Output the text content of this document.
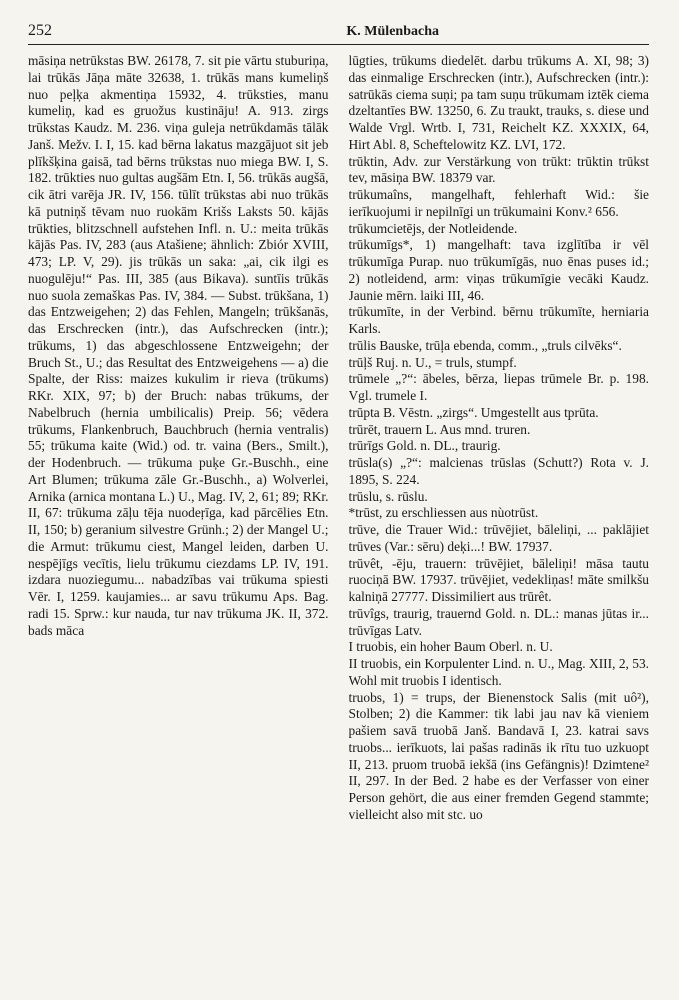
252	K. Mülenbacha

māsiņa netrūkstas BW. 26178, 7. sit pie vārtu stuburiņa, lai trūkās Jāņa māte 32638, 1. trūkās mans kumeliņš nuo peļķa akmentiņa 15932, 4. trūksties, manu kumeliņ, kad es gruožus kustināju! A. 913. zirgs trūkstas Kaudz. M. 236. viņa guleja netrūkdamās tālāk Janš. Mežv. I. I, 15. kad bērna lakatus mazgājuot sit jeb plīkšķina gaisā, tad bērns trūkstas nuo miega BW. I, S. 182. trūkties nuo gultas augšām Etn. I, 56. trūkās augšā, cik ātri varēja JR. IV, 156. tūlīt trūkstas abi nuo trūkās kā putniņš tēvam nuo ruokām Krišs Laksts 50. kājās trūkties, blitzschnell aufstehen Infl. n. U.: meita trūkās kājās Pas. IV, 283 (aus Atašiene; ähnlich: Zbiór XVIII, 473; LP. V, 29). jis trūkās un saka: „ai, cik ilgi es nuogulēju!“ Pas. III, 385 (aus Bikava). suntīis trūkās nuo suola zemaškas Pas. IV, 384. — Subst. trūkšana, 1) das Entzweigehen; 2) das Fehlen, Mangeln; trūkšanās, das Erschrecken (intr.), das Aufschrecken (intr.); trūkums, 1) das abgeschlossene Entzweigehn; der Bruch St., U.; das Resultat des Entzweigehens — a) die Spalte, der Riss: maizes kukulim ir rieva (trūkums) RKr. XIX, 97; b) der Bruch: nabas trūkums, der Nabelbruch (hernia umbilicalis) Preip. 56; vēdera trūkums, Flankenbruch, Bauchbruch (hernia ventralis) 55; trūkuma kaite (Wid.) od. tr. vaina (Bers., Smilt.), der Hodenbruch. — trūkuma puķe Gr.-Buschh., eine Art Blumen; trūkuma zāle Gr.-Buschh., a) Wolverlei, Arnika (arnica montana L.) U., Mag. IV, 2, 61; 89; RKr. II, 67: trūkuma zāļu tēja nuodeŗīga, kad pārcēlies Etn. II, 150; b) geranium silvestre Grünh.; 2) der Mangel U.; die Armut: trūkumu ciest, Mangel leiden, darben U. nespējīgs vecītis, lielu trūkumu ciezdams LP. IV, 191. izdara nuoziegumu... nabadzības vai trūkuma spiesti Vēr. I, 1259. kaujamies... ar savu trūkumu Aps. Bag. radi 15. Sprw.: kur nauda, tur nav trūkuma JK. II, 372. bads māca

lūgties, trūkums diedelēt. darbu trūkums A. XI, 98; 3) das einmalige Erschrecken (intr.), Aufschrecken (intr.): satrūkās ciema suņi; pa tam suņu trūkumam iztēk ciema dzeltantīes BW. 13250, 6. Zu traukt, trauks, s. diese und Walde Vrgl. Wrtb. I, 731, Reichelt KZ. XXXIX, 64, Hirt Abl. 8, Scheftelowitz KZ. LVI, 172.

trūktin, Adv. zur Verstärkung von trūkt: trūktin trūkst tev, māsiņa BW. 18379 var.

trūkumaîns, mangelhaft, fehlerhaft Wid.: šie ierīkuojumi ir nepilnīgi un trūkumaini Konv.² 656.

trūkumcietējs, der Notleidende.

trūkumīgs*, 1) mangelhaft: tava izglītība ir vēl trūkumīga Purap. nuo trūkumīgās, nuo ēnas puses id.; 2) notleidend, arm: viņas trūkumīgie vecāki Kaudz. Jaunie mērn. laiki III, 46.

trūkumīte, in der Verbind. bērnu trūkumīte, herniaria Karls.

trūlis Bauske, trūļa ebenda, comm., „truls cilvēks“.

trūļš Ruj. n. U., = truls, stumpf.

trūmele „?“: ābeles, bērza, liepas trūmele Br. p. 198. Vgl. trumele I.

trūpta B. Vēstn. „zirgs“. Umgestellt aus tprūta.

trūrēt, trauern L. Aus mnd. truren.

trūrīgs Gold. n. DL., traurig.

trūsla(s) „?“: malcienas trūslas (Schutt?) Rota v. J. 1895, S. 224.

trūslu, s. rūslu.

*trūst, zu erschliessen aus nùotrūst.

trūve, die Trauer Wid.: trūvējiet, bāleliņi, ... paklājiet trūves (Var.: sēru) deķi...! BW. 17937.

trūvêt, -ēju, trauern: trūvējiet, bāleliņi! māsa tautu ruociņā BW. 17937. trūvējiet, vedekliņas! māte smilkšu kalniņā 27777. Dissimiliert aus trūrêt.

trūvîgs, traurig, trauernd Gold. n. DL.: manas jūtas ir... trūvīgas Latv.

I truobis, ein hoher Baum Oberl. n. U.

II truobis, ein Korpulenter Lind. n. U., Mag. XIII, 2, 53. Wohl mit truobis I identisch.

truobs, 1) = trups, der Bienenstock Salis (mit uô²), Stolben; 2) die Kammer: tik labi jau nav kā vieniem pašiem savā truobā Janš. Bandavā I, 23. katrai savs truobs... ierīkuots, lai pašas radinās ik rītu tuo uzkuopt II, 213. pruom truobā iekšā (ins Gefängnis)! Dzimtene² II, 297. In der Bed. 2 habe es der Verfasser von einer Person gehört, die aus einer fremden Gegend stammte; vielleicht also mit stc. uo
